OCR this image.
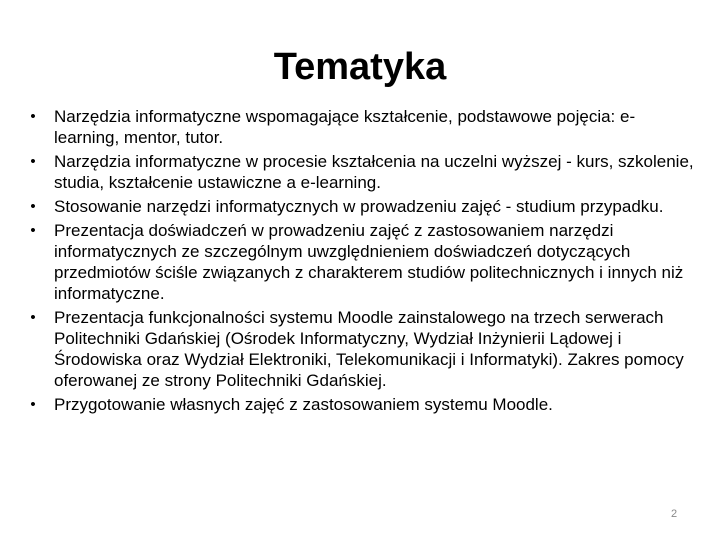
Tematyka
• Narzędzia informatyczne wspomagające kształcenie, podstawowe pojęcia: e-learning, mentor, tutor.
• Narzędzia informatyczne w procesie kształcenia na uczelni wyższej - kurs, szkolenie, studia, kształcenie ustawiczne a e-learning.
• Stosowanie narzędzi informatycznych w prowadzeniu zajęć - studium przypadku.
• Prezentacja doświadczeń w prowadzeniu zajęć z zastosowaniem narzędzi informatycznych ze szczególnym uwzględnieniem doświadczeń dotyczących przedmiotów ściśle związanych z charakterem studiów politechnicznych i innych niż informatyczne.
• Prezentacja funkcjonalności systemu Moodle zainstalowego na trzech serwerach Politechniki Gdańskiej (Ośrodek Informatyczny, Wydział Inżynierii Lądowej i Środowiska oraz Wydział Elektroniki, Telekomunikacji i Informatyki). Zakres pomocy oferowanej ze strony Politechniki Gdańskiej.
• Przygotowanie własnych zajęć z zastosowaniem systemu Moodle.
2
